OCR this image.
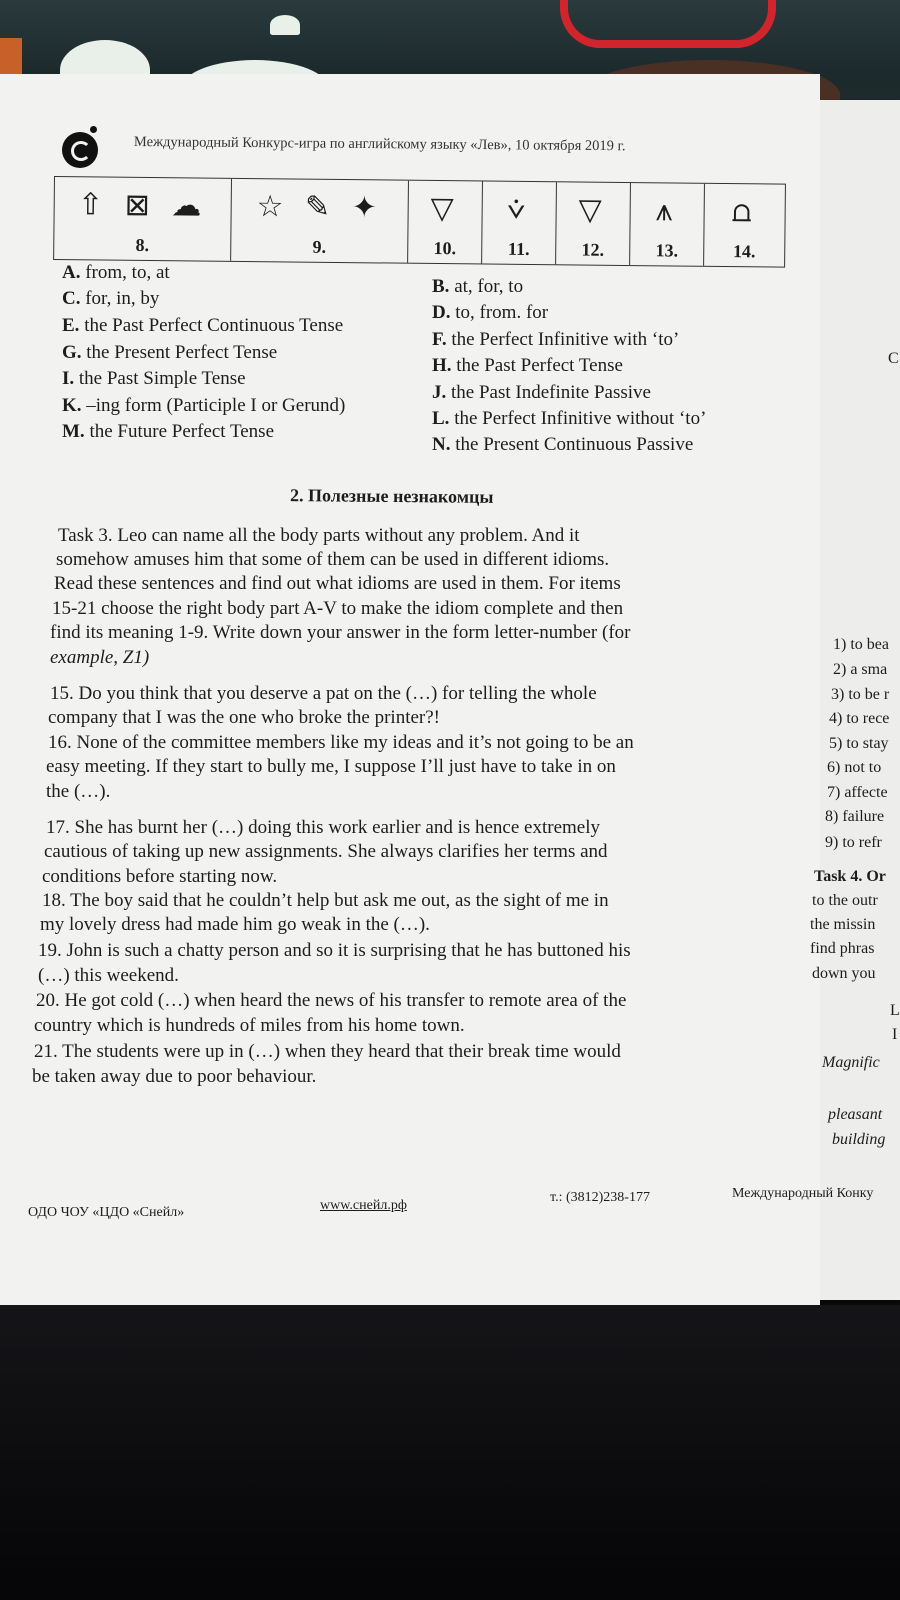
Международный Конкурс-игра по английскому языку «Лев», 10 октября 2019 г.
⇧ ⊠ ☁
8.
☆ ✎ ✦
9.
▽
10.
⩒
11.
▽
12.
⩚
13.
⩍
14.
A. from, to, at
C. for, in, by
E. the Past Perfect Continuous Tense
G. the Present Perfect Tense
I. the Past Simple Tense
K. –ing form (Participle I or Gerund)
M. the Future Perfect Tense
B. at, for, to
D. to, from. for
F. the Perfect Infinitive with ‘to’
H. the Past Perfect Tense
J. the Past Indefinite Passive
L. the Perfect Infinitive without ‘to’
N. the Present Continuous Passive
2. Полезные незнакомцы
Task 3. Leo can name all the body parts without any problem. And it
somehow amuses him that some of them can be used in different idioms.
Read these sentences and find out what idioms are used in them. For items
15-21 choose the right body part A-V to make the idiom complete and then
find its meaning 1-9. Write down your answer in the form letter-number (for
example, Z1)
15. Do you think that you deserve a pat on the (…) for telling the whole
company that I was the one who broke the printer?!
16. None of the committee members like my ideas and it’s not going to be an
easy meeting. If they start to bully me, I suppose I’ll just have to take in on
the (…).
17. She has burnt her (…) doing this work earlier and is hence extremely
cautious of taking up new assignments. She always clarifies her terms and
conditions before starting now.
18. The boy said that he couldn’t help but ask me out, as the sight of me in
my lovely dress had made him go weak in the (…).
19. John is such a chatty person and so it is surprising that he has buttoned his
(…) this weekend.
20. He got cold (…) when heard the news of his transfer to remote area of the
country which is hundreds of miles from his home town.
21. The students were up in (…) when they heard that their break time would
be taken away due to poor behaviour.
C
1) to bea
2) a sma
3) to be r
4) to rece
5) to stay
6) not to
7) affecte
8) failure
9) to refr
Task 4. Or
to the outr
the missin
find phras
down you
L
I
Magnific
pleasant
building
ОДО ЧОУ «ЦДО «Снейл»	www.снейл.рф
т.: (3812)238-177	Международный Конку
